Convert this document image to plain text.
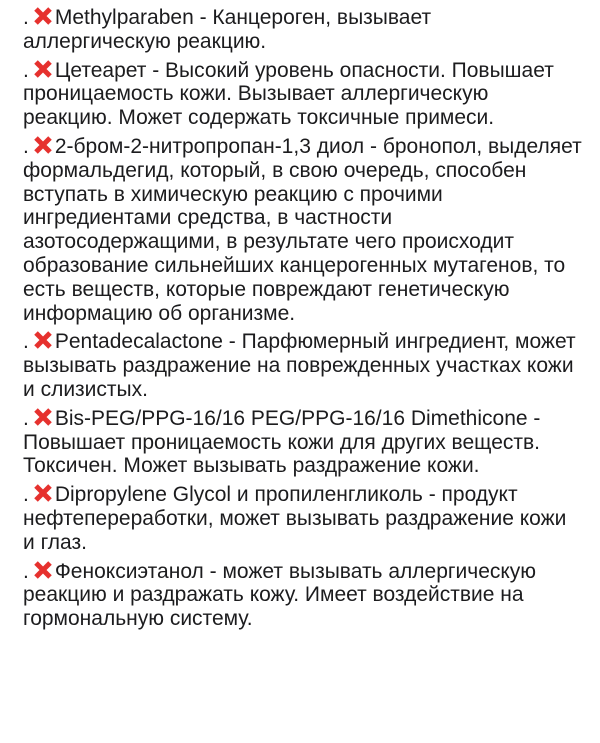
. Methylparaben - Канцероген, вызывает аллергическую реакцию.

. Цетеарет - Высокий уровень опасности. Повышает проницаемость кожи. Вызывает аллергическую реакцию. Может содержать токсичные примеси.

. 2-бром-2-нитропропан-1,3 диол - бронопол, выделяет формальдегид, который, в свою очередь, способен вступать в химическую реакцию с прочими ингредиентами средства, в частности азотосодержащими, в результате чего происходит образование сильнейших канцерогенных мутагенов, то есть веществ, которые повреждают генетическую информацию об организме.

. Pentadecalactone - Парфюмерный ингредиент, может вызывать раздражение на поврежденных участках кожи и слизистых.

. Bis-PEG/PPG-16/16 PEG/PPG-16/16 Dimethicone - Повышает проницаемость кожи для других веществ. Токсичен. Может вызывать раздражение кожи.

. Dipropylene Glycol и пропиленгликоль - продукт нефтепереработки, может вызывать раздражение кожи и глаз.

. Феноксиэтанол - может вызывать аллергическую реакцию и раздражать кожу. Имеет воздействие на гормональную систему.
